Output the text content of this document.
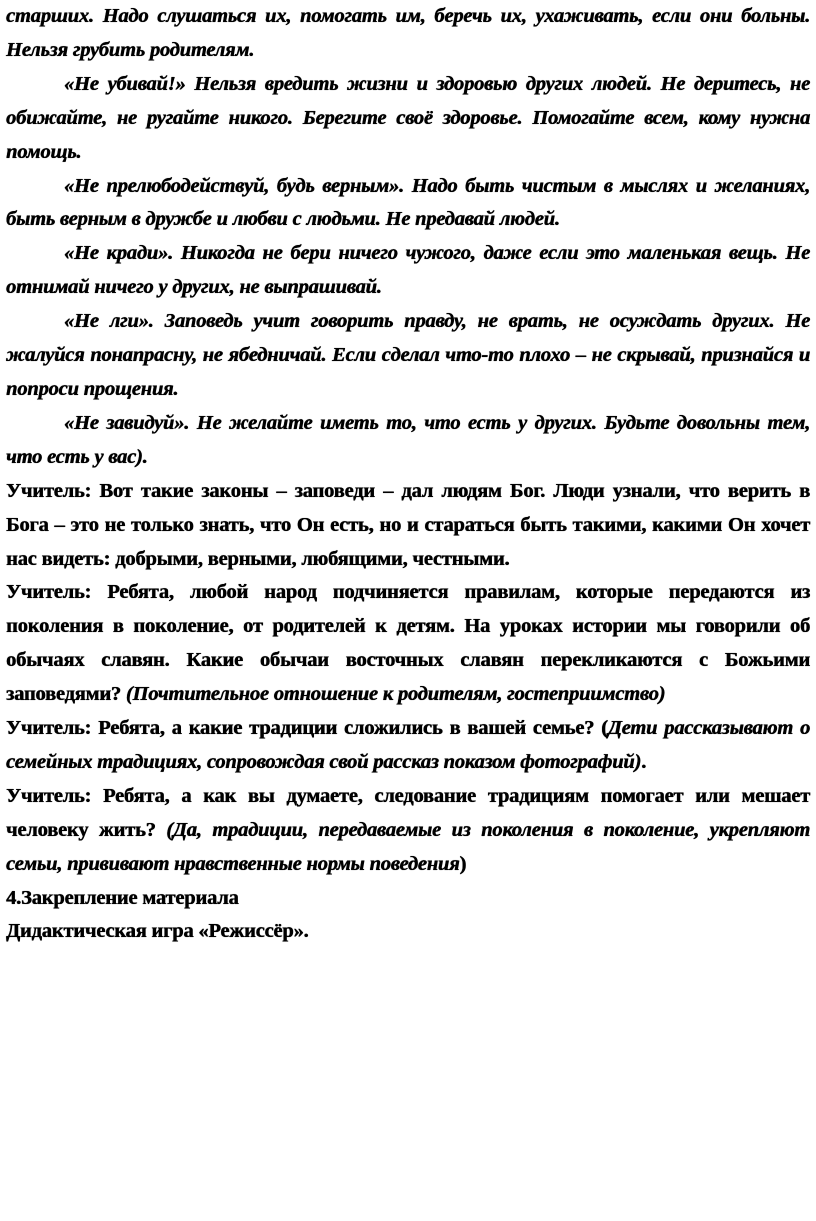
старших. Надо слушаться их, помогать им, беречь их, ухаживать, если они больны. Нельзя грубить родителям.

«Не убивай!» Нельзя вредить жизни и здоровью других людей. Не деритесь, не обижайте, не ругайте никого. Берегите своё здоровье. Помогайте всем, кому нужна помощь.

«Не прелюбодействуй, будь верным». Надо быть чистым в мыслях и желаниях, быть верным в дружбе и любви с людьми. Не предавай людей.

«Не кради». Никогда не бери ничего чужого, даже если это маленькая вещь. Не отнимай ничего у других, не выпрашивай.

«Не лги». Заповедь учит говорить правду, не врать, не осуждать других. Не жалуйся понапрасну, не ябедничай. Если сделал что-то плохо – не скрывай, признайся и попроси прощения.

«Не завидуй». Не желайте иметь то, что есть у других. Будьте довольны тем, что есть у вас).

Учитель: Вот такие законы – заповеди – дал людям Бог. Люди узнали, что верить в Бога – это не только знать, что Он есть, но и стараться быть такими, какими Он хочет нас видеть: добрыми, верными, любящими, честными.

Учитель: Ребята, любой народ подчиняется правилам, которые передаются из поколения в поколение, от родителей к детям. На уроках истории мы говорили об обычаях славян. Какие обычаи восточных славян перекликаются с Божьими заповедями? (Почтительное отношение к родителям, гостеприимство)

Учитель: Ребята, а какие традиции сложились в вашей семье? (Дети рассказывают о семейных традициях, сопровождая свой рассказ показом фотографий).

Учитель: Ребята, а как вы думаете, следование традициям помогает или мешает человеку жить? (Да, традиции, передаваемые из поколения в поколение, укрепляют семьи, прививают нравственные нормы поведения)

4.Закрепление материала

Дидактическая игра «Режиссёр».
